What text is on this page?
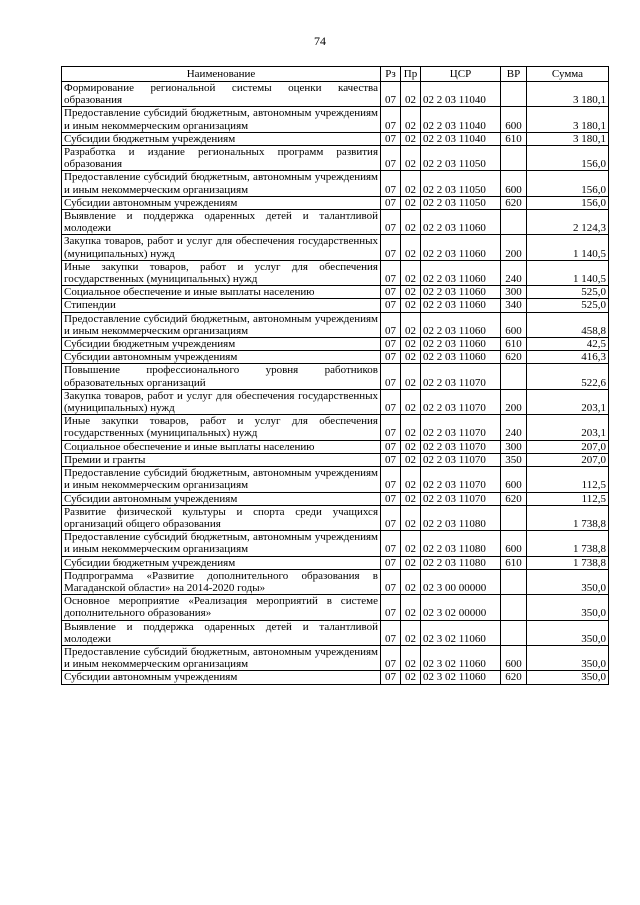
74
Наименование	Рз	Пр	ЦСР	ВР	Сумма
Формирование региональной системы оценки качества образования	07	02	02 2 03 11040		3 180,1
Предоставление субсидий бюджетным, автономным учреждениям и иным некоммерческим организациям	07	02	02 2 03 11040	600	3 180,1
Субсидии бюджетным учреждениям	07	02	02 2 03 11040	610	3 180,1
Разработка и издание региональных программ развития образования	07	02	02 2 03 11050		156,0
Предоставление субсидий бюджетным, автономным учреждениям и иным некоммерческим организациям	07	02	02 2 03 11050	600	156,0
Субсидии автономным учреждениям	07	02	02 2 03 11050	620	156,0
Выявление и поддержка одаренных детей и талантливой молодежи	07	02	02 2 03 11060		2 124,3
Закупка товаров, работ и услуг для обеспечения государственных (муниципальных) нужд	07	02	02 2 03 11060	200	1 140,5
Иные закупки товаров, работ и услуг для обеспечения государственных (муниципальных) нужд	07	02	02 2 03 11060	240	1 140,5
Социальное обеспечение и иные выплаты населению	07	02	02 2 03 11060	300	525,0
Стипендии	07	02	02 2 03 11060	340	525,0
Предоставление субсидий бюджетным, автономным учреждениям и иным некоммерческим организациям	07	02	02 2 03 11060	600	458,8
Субсидии бюджетным учреждениям	07	02	02 2 03 11060	610	42,5
Субсидии автономным учреждениям	07	02	02 2 03 11060	620	416,3
Повышение профессионального уровня работников образовательных организаций	07	02	02 2 03 11070		522,6
Закупка товаров, работ и услуг для обеспечения государственных (муниципальных) нужд	07	02	02 2 03 11070	200	203,1
Иные закупки товаров, работ и услуг для обеспечения государственных (муниципальных) нужд	07	02	02 2 03 11070	240	203,1
Социальное обеспечение и иные выплаты населению	07	02	02 2 03 11070	300	207,0
Премии и гранты	07	02	02 2 03 11070	350	207,0
Предоставление субсидий бюджетным, автономным учреждениям и иным некоммерческим организациям	07	02	02 2 03 11070	600	112,5
Субсидии автономным учреждениям	07	02	02 2 03 11070	620	112,5
Развитие физической культуры и спорта среди учащихся организаций общего образования	07	02	02 2 03 11080		1 738,8
Предоставление субсидий бюджетным, автономным учреждениям и иным некоммерческим организациям	07	02	02 2 03 11080	600	1 738,8
Субсидии бюджетным учреждениям	07	02	02 2 03 11080	610	1 738,8
Подпрограмма «Развитие дополнительного образования в Магаданской области» на 2014-2020 годы»	07	02	02 3 00 00000		350,0
Основное мероприятие «Реализация мероприятий в системе дополнительного образования»	07	02	02 3 02 00000		350,0
Выявление и поддержка одаренных детей и талантливой молодежи	07	02	02 3 02 11060		350,0
Предоставление субсидий бюджетным, автономным учреждениям и иным некоммерческим организациям	07	02	02 3 02 11060	600	350,0
Субсидии автономным учреждениям	07	02	02 3 02 11060	620	350,0
